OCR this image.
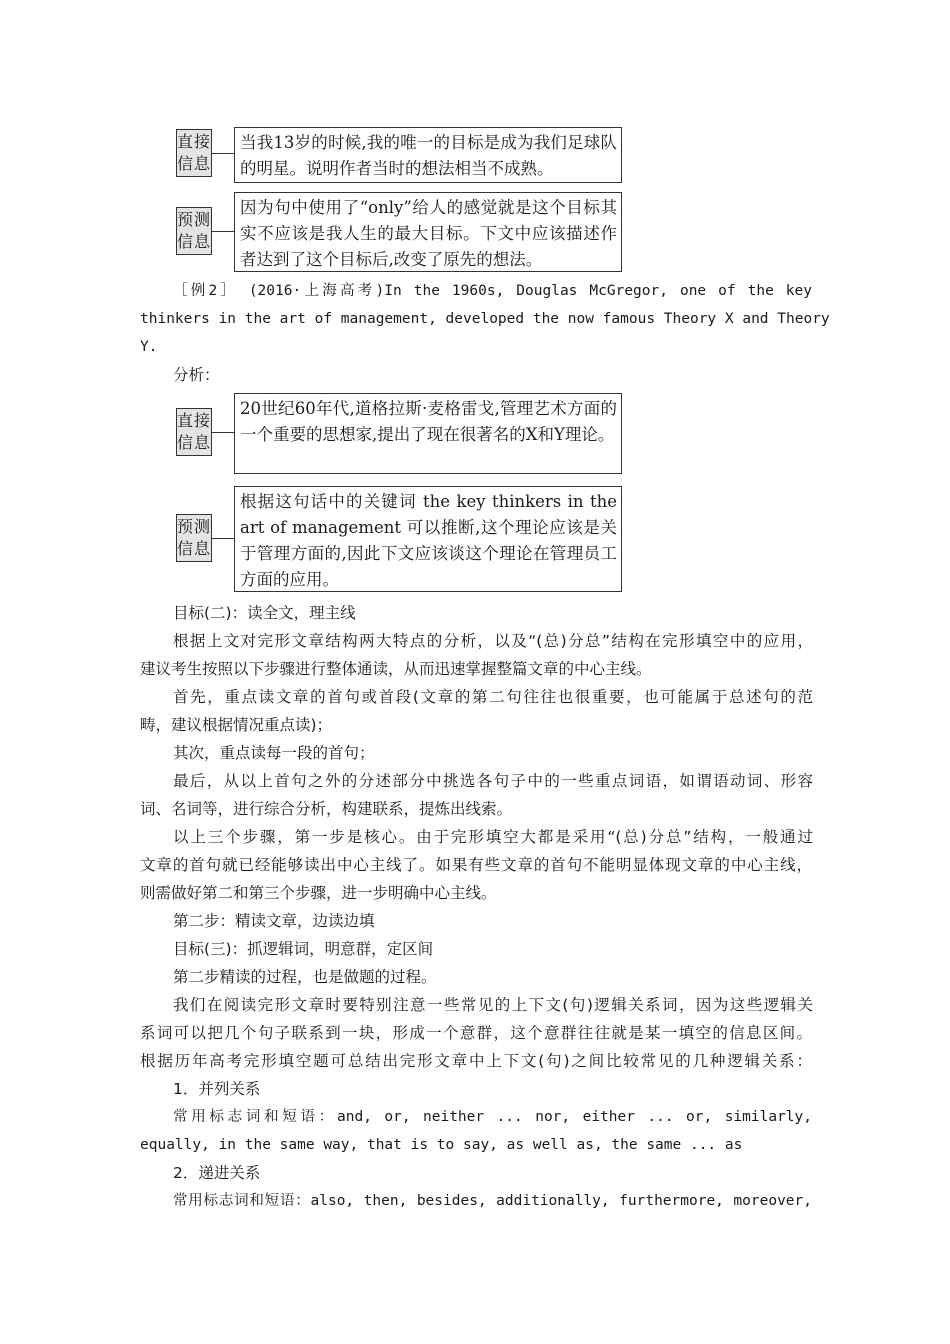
直接
信息
当我13岁的时候,我的唯一的目标是成为我们足球队的明星。说明作者当时的想法相当不成熟。
预测
信息
因为句中使用了“only”给人的感觉就是这个目标其实不应该是我人生的最大目标。下文中应该描述作者达到了这个目标后,改变了原先的想法。
［例2］　(2016·上海高考)In the 1960s, Douglas McGregor, one of the key
thinkers in the art of management, developed the now famous Theory X and Theory
Y.
分析：
直接
信息
20世纪60年代,道格拉斯·麦格雷戈,管理艺术方面的一个重要的思想家,提出了现在很著名的X和Y理论。
预测
信息
根据这句话中的关键词 the key thinkers in the art of management 可以推断,这个理论应该是关于管理方面的,因此下文应该谈这个理论在管理员工方面的应用。
目标(二)：读全文，理主线
根据上文对完形文章结构两大特点的分析，以及“(总)分总”结构在完形填空中的应用，
建议考生按照以下步骤进行整体通读，从而迅速掌握整篇文章的中心主线。
首先，重点读文章的首句或首段(文章的第二句往往也很重要，也可能属于总述句的范
畴，建议根据情况重点读)；
其次，重点读每一段的首句；
最后，从以上首句之外的分述部分中挑选各句子中的一些重点词语，如谓语动词、形容
词、名词等，进行综合分析，构建联系，提炼出线索。
以上三个步骤，第一步是核心。由于完形填空大都是采用“(总)分总”结构，一般通过
文章的首句就已经能够读出中心主线了。如果有些文章的首句不能明显体现文章的中心主线，
则需做好第二和第三个步骤，进一步明确中心主线。
第二步：精读文章，边读边填
目标(三)：抓逻辑词，明意群，定区间
第二步精读的过程，也是做题的过程。
我们在阅读完形文章时要特别注意一些常见的上下文(句)逻辑关系词，因为这些逻辑关
系词可以把几个句子联系到一块，形成一个意群，这个意群往往就是某一填空的信息区间。
根据历年高考完形填空题可总结出完形文章中上下文(句)之间比较常见的几种逻辑关系：
1．并列关系
常用标志词和短语：and, or, neither ... nor, either ... or, similarly,
equally, in the same way, that is to say, as well as, the same ... as
2．递进关系
常用标志词和短语：also, then, besides, additionally, furthermore, moreover,
